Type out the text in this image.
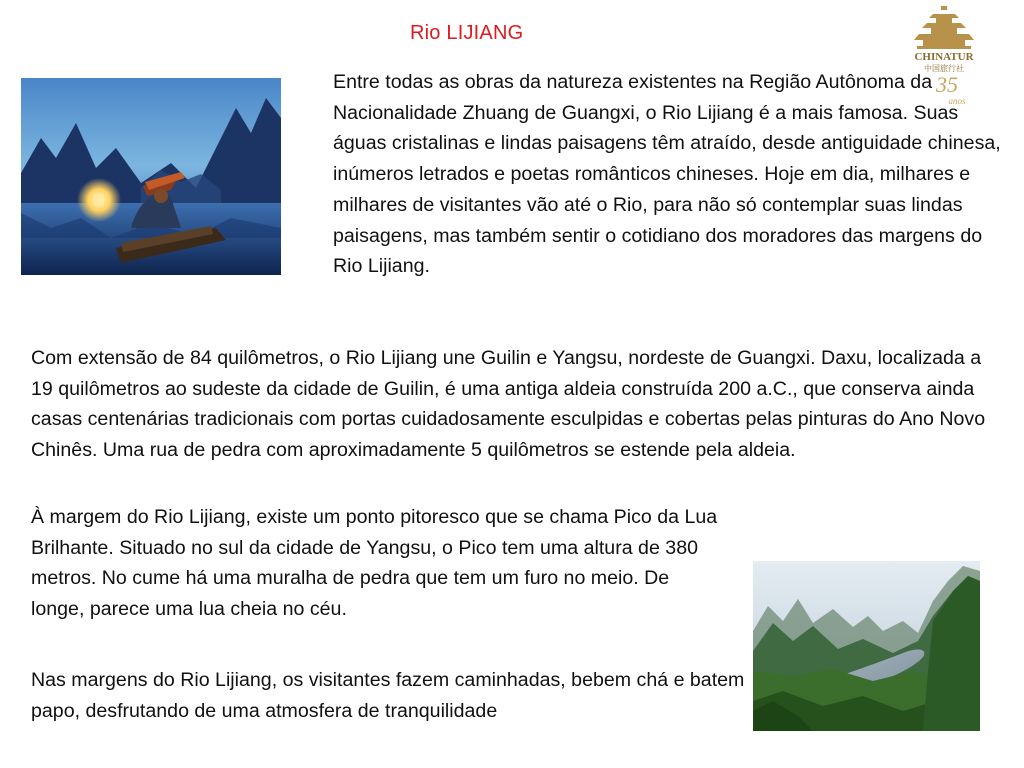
Rio LIJIANG
CHINATUR
中国旅行社
35
anos
Entre todas as obras da natureza existentes na Região Autônoma da Nacionalidade Zhuang de Guangxi, o Rio Lijiang é a mais famosa. Suas águas cristalinas e lindas paisagens têm atraído, desde antiguidade chinesa, inúmeros letrados e poetas românticos chineses. Hoje em dia, milhares e milhares de visitantes vão até o Rio, para não só contemplar suas lindas paisagens, mas também sentir o cotidiano dos moradores das margens do Rio Lijiang.
Com extensão de 84 quilômetros, o Rio Lijiang une Guilin e Yangsu, nordeste de Guangxi. Daxu, localizada a 19 quilômetros ao sudeste da cidade de Guilin, é uma antiga aldeia construída 200 a.C., que conserva ainda casas centenárias tradicionais com portas cuidadosamente esculpidas e cobertas pelas pinturas do Ano Novo Chinês. Uma rua de pedra com aproximadamente 5 quilômetros se estende pela aldeia.
À margem do Rio Lijiang, existe um ponto pitoresco que se chama Pico da Lua Brilhante. Situado no sul da cidade de Yangsu, o Pico tem uma altura de 380 metros. No cume há uma muralha de pedra que tem um furo no meio. De longe, parece uma lua cheia no céu.
Nas margens do Rio Lijiang, os visitantes fazem caminhadas, bebem chá e batem papo, desfrutando de uma atmosfera de tranquilidade
